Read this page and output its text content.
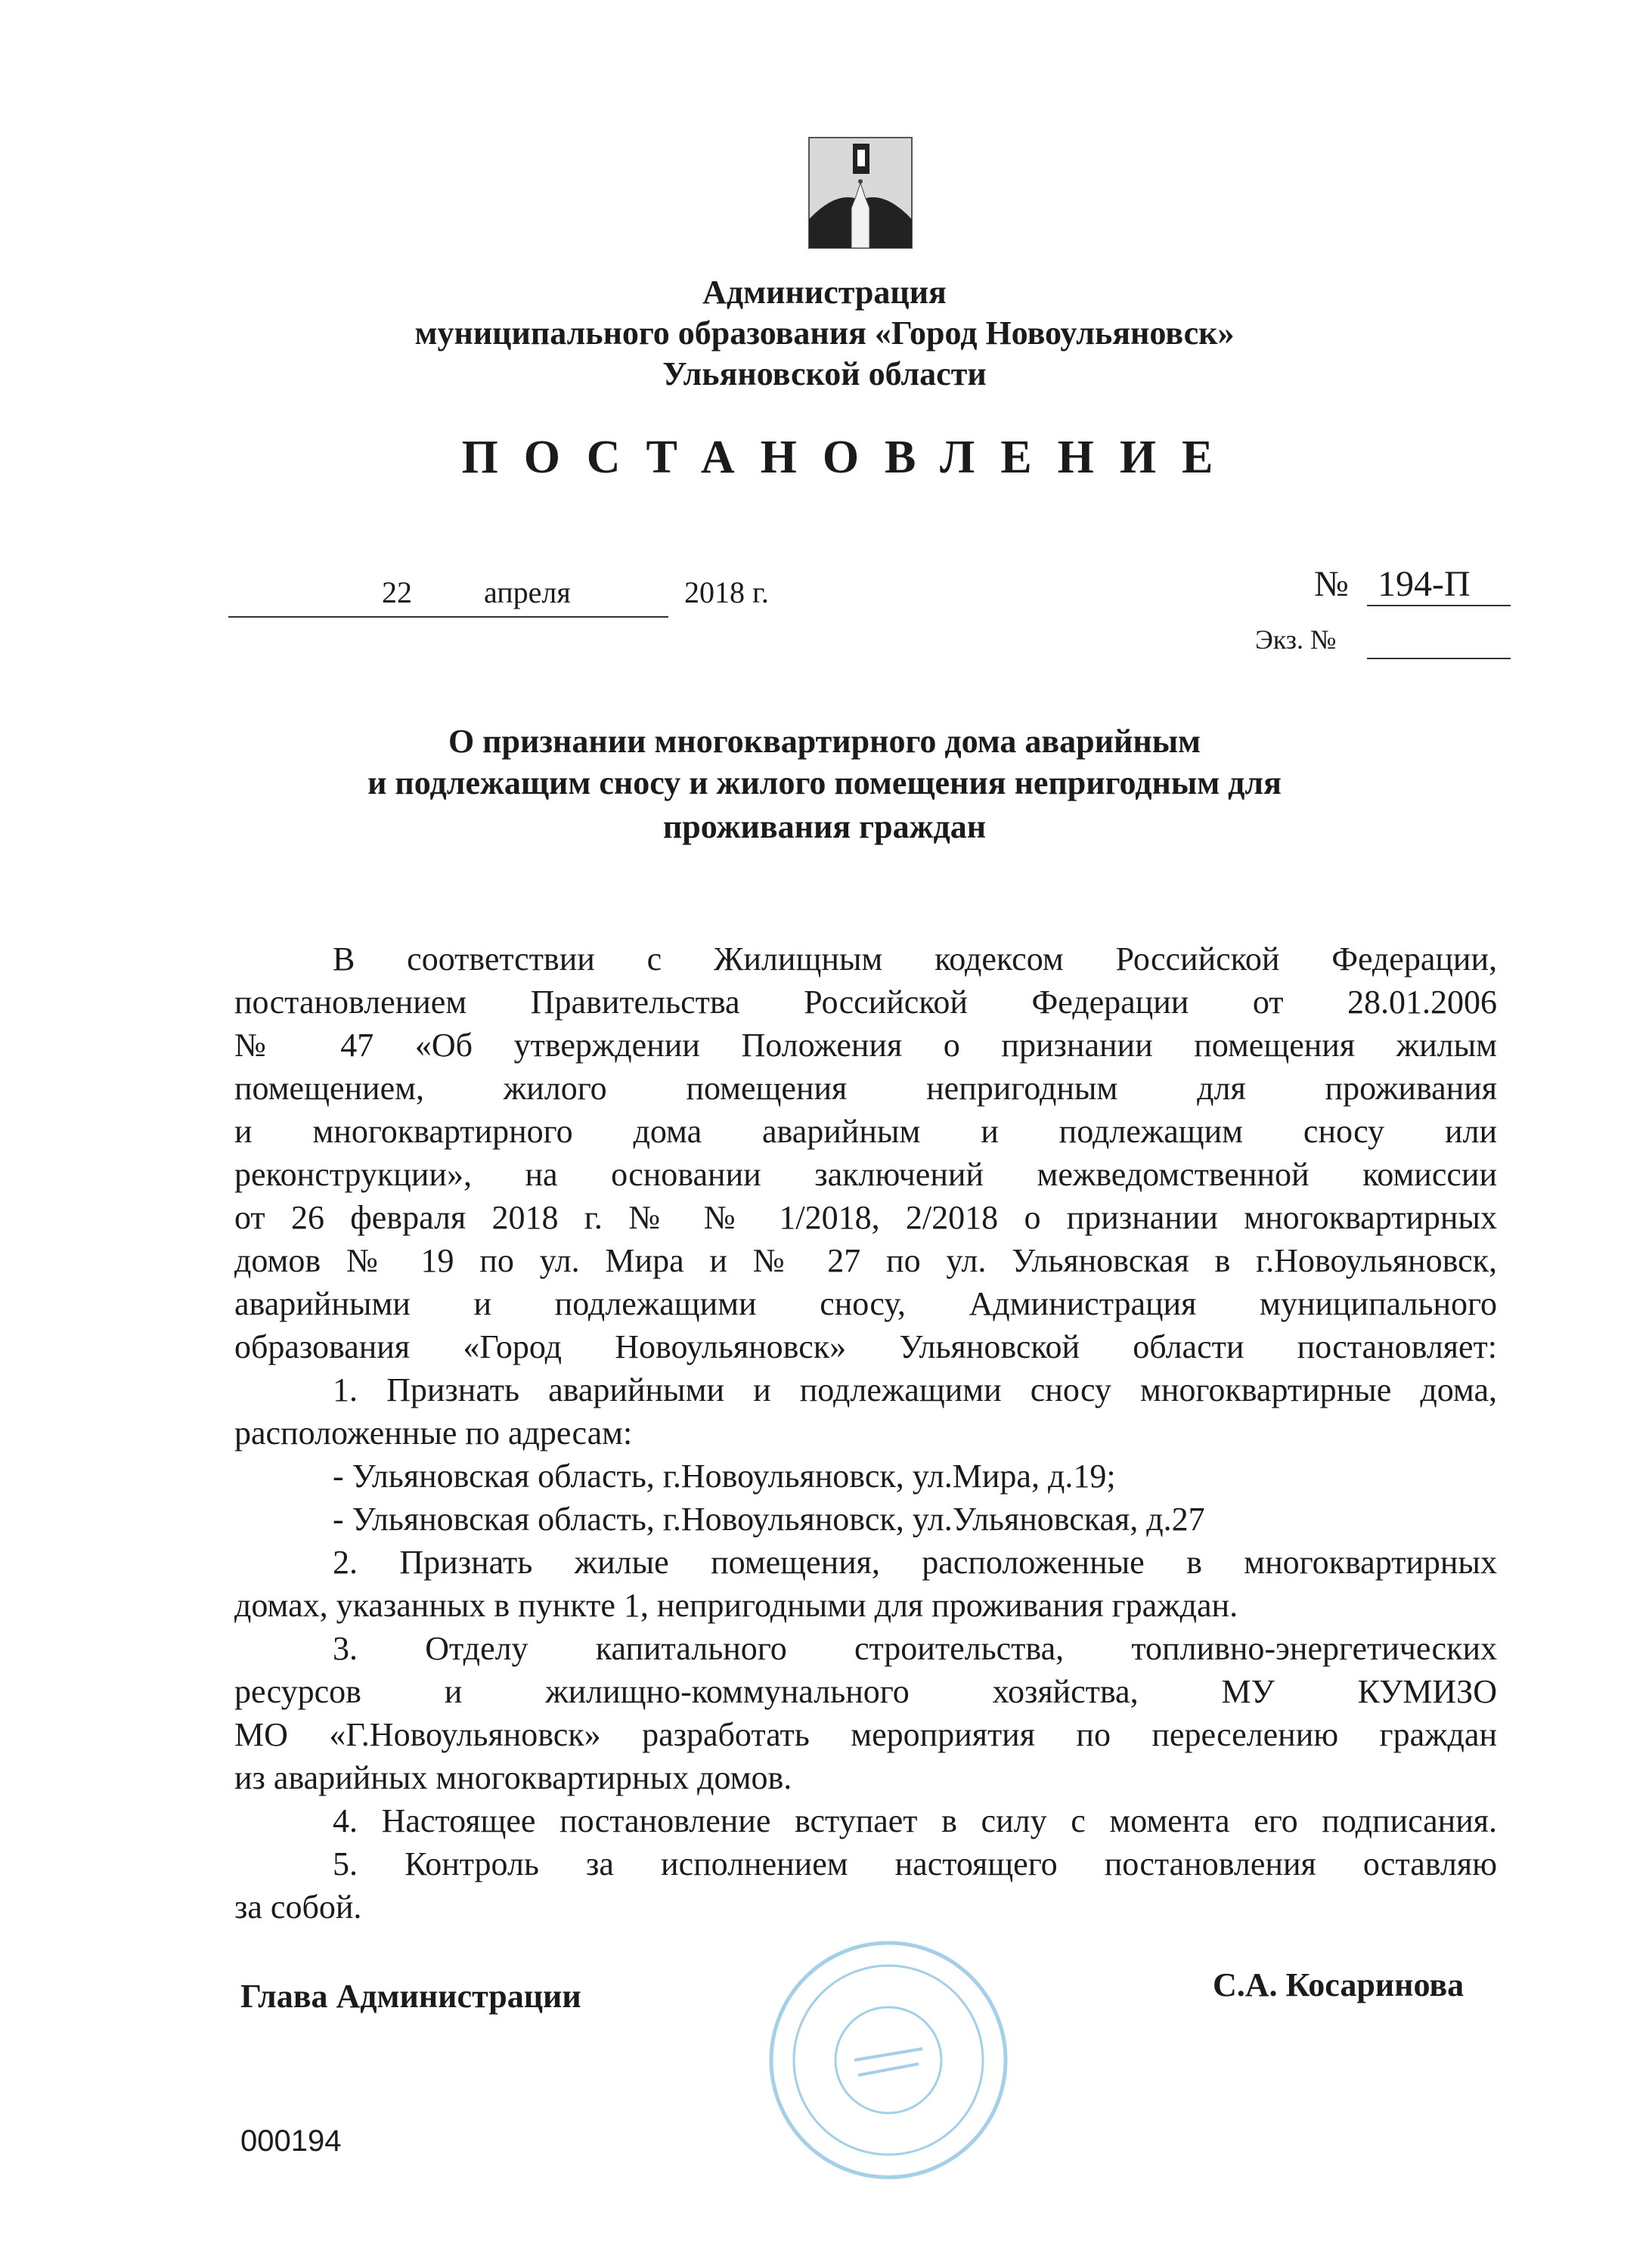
Администрация
муниципального образования «Город Новоульяновск»
Ульяновской области
ПОСТАНОВЛЕНИЕ
22 апреля	2018 г.	№ 194-П
Экз. №
О признании многоквартирного дома аварийным
и подлежащим сносу и жилого помещения непригодным для
проживания граждан
В соответствии с Жилищным кодексом Российской Федерации,
постановлением Правительства Российской Федерации от 28.01.2006
№ 47 «Об утверждении Положения о признании помещения жилым
помещением, жилого помещения непригодным для проживания
и многоквартирного дома аварийным и подлежащим сносу или
реконструкции», на основании заключений межведомственной комиссии
от 26 февраля 2018 г. № № 1/2018, 2/2018 о признании многоквартирных
домов № 19 по ул. Мира и № 27 по ул. Ульяновская в г.Новоульяновск,
аварийными и подлежащими сносу, Администрация муниципального
образования «Город Новоульяновск» Ульяновской области постановляет:
1. Признать аварийными и подлежащими сносу многоквартирные дома,
расположенные по адресам:
- Ульяновская область, г.Новоульяновск, ул.Мира, д.19;
- Ульяновская область, г.Новоульяновск, ул.Ульяновская, д.27
2. Признать жилые помещения, расположенные в многоквартирных
домах, указанных в пункте 1, непригодными для проживания граждан.
3. Отделу капитального строительства, топливно-энергетических
ресурсов и жилищно-коммунального хозяйства, МУ КУМИЗО
МО «Г.Новоульяновск» разработать мероприятия по переселению граждан
из аварийных многоквартирных домов.
4. Настоящее постановление вступает в силу с момента его подписания.
5. Контроль за исполнением настоящего постановления оставляю
за собой.
Глава Администрации	С.А. Косаринова
000194
